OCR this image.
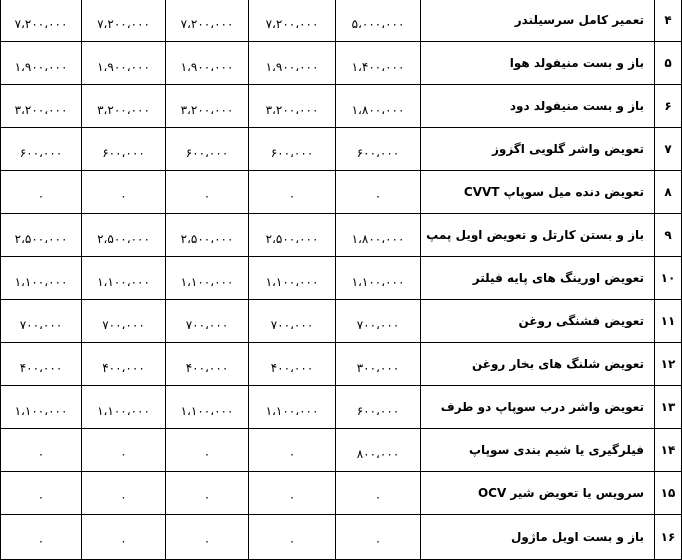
۴	تعمیر کامل سرسیلندر	۵،۰۰۰،۰۰۰	۷،۲۰۰،۰۰۰	۷،۲۰۰،۰۰۰	۷،۲۰۰،۰۰۰	۷،۲۰۰،۰۰۰
۵	باز و بست منیفولد هوا	۱،۴۰۰،۰۰۰	۱،۹۰۰،۰۰۰	۱،۹۰۰،۰۰۰	۱،۹۰۰،۰۰۰	۱،۹۰۰،۰۰۰
۶	باز و بست منیفولد دود	۱،۸۰۰،۰۰۰	۳،۲۰۰،۰۰۰	۳،۲۰۰،۰۰۰	۳،۲۰۰،۰۰۰	۳،۲۰۰،۰۰۰
۷	تعویض واشر گلویی اگزوز	۶۰۰،۰۰۰	۶۰۰،۰۰۰	۶۰۰،۰۰۰	۶۰۰،۰۰۰	۶۰۰،۰۰۰
۸	تعویض دنده میل سوپاپ CVVT	۰	۰	۰	۰	۰
۹	باز و بستن کارتل و تعویض اویل پمپ	۱،۸۰۰،۰۰۰	۲،۵۰۰،۰۰۰	۲،۵۰۰،۰۰۰	۲،۵۰۰،۰۰۰	۲،۵۰۰،۰۰۰
۱۰	تعویض اورینگ های پایه فیلتر	۱،۱۰۰،۰۰۰	۱،۱۰۰،۰۰۰	۱،۱۰۰،۰۰۰	۱،۱۰۰،۰۰۰	۱،۱۰۰،۰۰۰
۱۱	تعویض فشنگی روغن	۷۰۰،۰۰۰	۷۰۰،۰۰۰	۷۰۰،۰۰۰	۷۰۰،۰۰۰	۷۰۰،۰۰۰
۱۲	تعویض شلنگ های بخار روغن	۳۰۰،۰۰۰	۴۰۰،۰۰۰	۴۰۰،۰۰۰	۴۰۰،۰۰۰	۴۰۰،۰۰۰
۱۳	تعویض واشر درب سوپاپ دو طرف	۶۰۰،۰۰۰	۱،۱۰۰،۰۰۰	۱،۱۰۰،۰۰۰	۱،۱۰۰،۰۰۰	۱،۱۰۰،۰۰۰
۱۴	فیلرگیری یا شیم بندی سوپاپ	۸۰۰،۰۰۰	۰	۰	۰	۰
۱۵	سرویس یا تعویض شیر OCV	۰	۰	۰	۰	۰
۱۶	باز و بست اویل ماژول	۰	۰	۰	۰	۰
